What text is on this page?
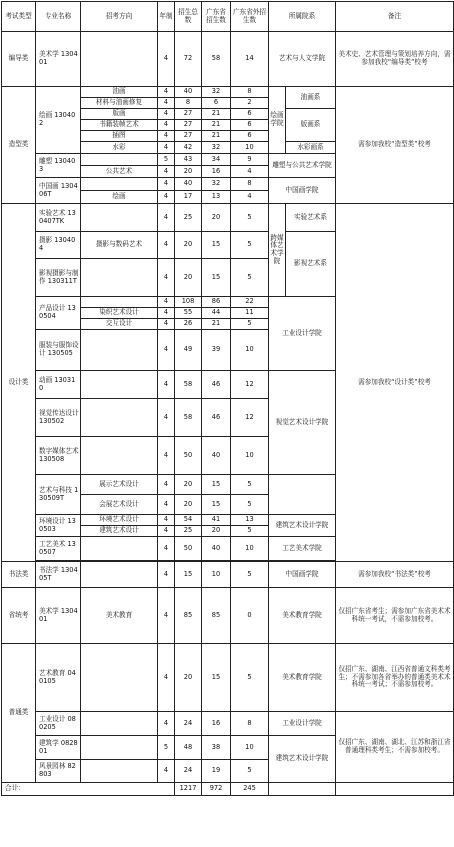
考试类型	专业名称	招考方向	年制	招生总数	广东省招生数	广东省外招生数	所属院系		备注
编导类	美术学 130401		4	72	58	14	艺术与人文学院		美术史、艺术管理与策划培养方向，需参加我校“编导类”校考
造型类	绘画 130402	油画	4	40	32	8	绘画学院	油画系	需参加我校“造型类”校考
		材料与油画修复	4	8	6	2			
		版画	4	27	21	6		版画系	
		书籍装帧艺术	4	27	21	6			
		插图	4	27	21	6			
		水彩	4	42	32	10		水彩画系	
	雕塑 130403		5	43	34	9	雕塑与公共艺术学院		
		公共艺术	4	20	16	4			
	中国画 130406T		4	40	32	8	中国画学院		
		绘画	4	17	13	4			
设计类	实验艺术 130407TK		4	25	20	5	跨媒体艺术学院	实验艺术系	需参加我校“设计类”校考
	摄影 130404	摄影与数码艺术	4	20	15	5		影视艺术系	
	影视摄影与制作 130311T		4	20	15	5			
	产品设计 130504		4	108	86	22	工业设计学院		
		染织艺术设计	4	55	44	11			
		交互设计	4	26	21	5			
	服装与服饰设计 130505		4	49	39	10			
	动画 130310		4	58	46	12	视觉艺术设计学院		
	视觉传达设计 130502		4	58	46	12			
	数字媒体艺术 130508		4	50	40	10			
	艺术与科技 130509T	展示艺术设计	4	20	15	5			
		会展艺术设计	4	20	15	5			
	环境设计 130503	环境艺术设计	4	54	41	13	建筑艺术设计学院		
		建筑艺术设计	4	25	20	5			
	工艺美术 130507		4	50	40	10	工艺美术学院		

书法类	书法学 130405T		4	15	10	5	中国画学院		需参加我校“书法类”校考
省统考	美术学 130401	美术教育	4	85	85	0	美术教育学院		仅招广东省考生；需参加广东省美术术科统一考试，不需参加校考。
普通类	艺术教育 040105		4	20	15	5	美术教育学院		仅招广东、湖南、江西省普通文科类考生；不需参加各省举办的普通类美术术科统一考试；不需参加校考。
	工业设计 080205		4	24	16	8	工业设计学院		仅招广东、湖南、湖北、江苏和浙江省普通理科类考生；不需参加校考。
	建筑学 082801		5	48	38	10	建筑艺术设计学院		
	风景园林 82803		4	24	19	5			
合计：				1217	972	245			
